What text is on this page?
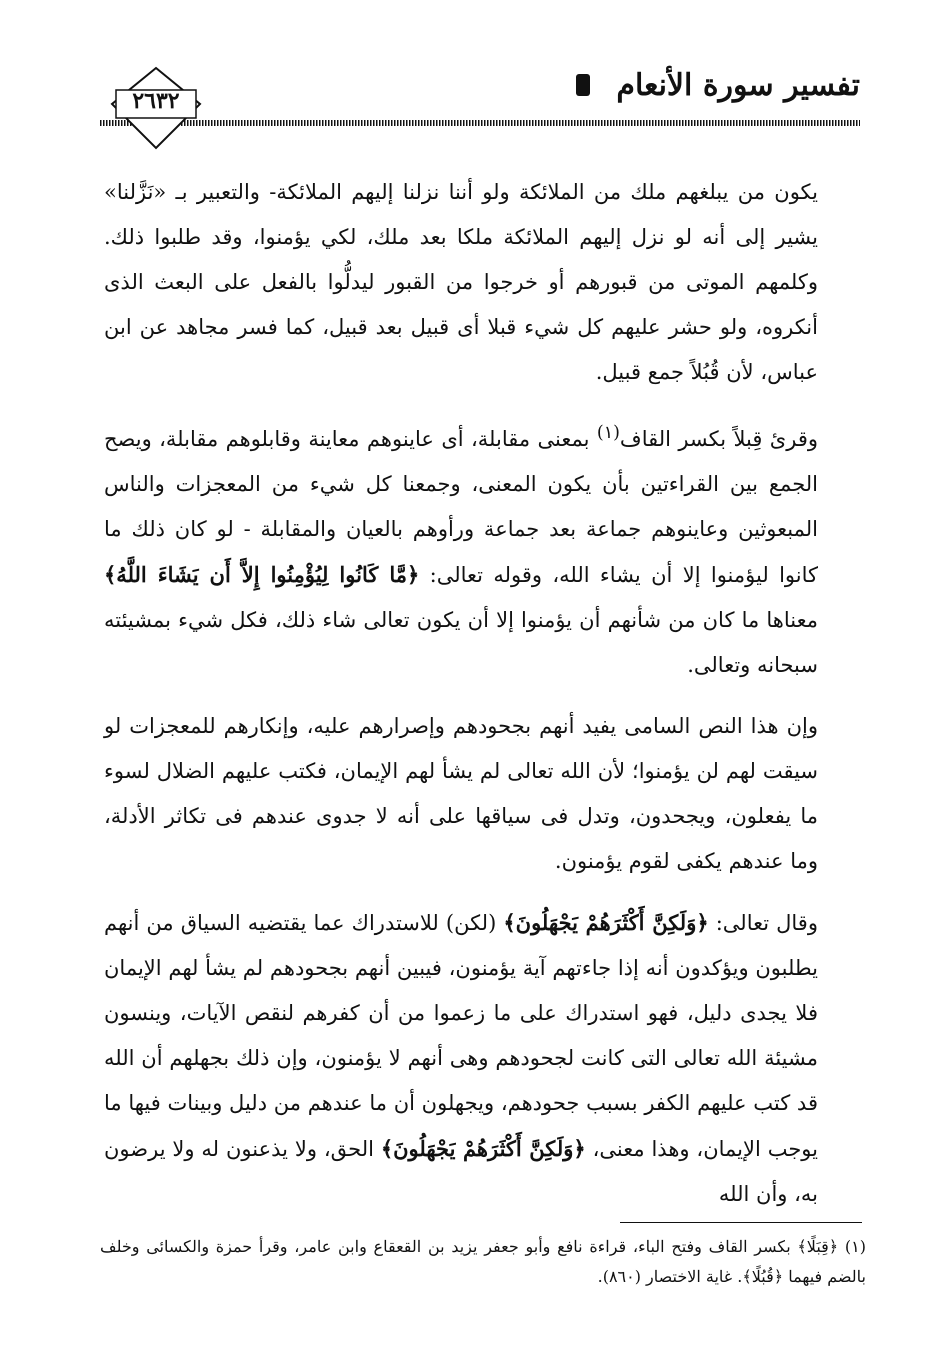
تفسير سورة الأنعام
٢٦٣٢

يكون من يبلغهم ملك من الملائكة ولو أننا نزلنا إليهم الملائكة- والتعبير بـ «نَزَّلنا» يشير إلى أنه لو نزل إليهم الملائكة ملكا بعد ملك، لكي يؤمنوا، وقد طلبوا ذلك. وكلمهم الموتى من قبورهم أو خرجوا من القبور ليدلُّوا بالفعل على البعث الذى أنكروه، ولو حشر عليهم كل شيء قبلا أى قبيل بعد قبيل، كما فسر مجاهد عن ابن عباس، لأن قُبُلاً جمع قبيل.

وقرئ قِبلاً بكسر القاف$^{(١)}$ بمعنى مقابلة، أى عاينوهم معاينة وقابلوهم مقابلة، ويصح الجمع بين القراءتين بأن يكون المعنى، وجمعنا كل شيء من المعجزات والناس المبعوثين وعاينوهم جماعة بعد جماعة ورأوهم بالعيان والمقابلة - لو كان ذلك ما كانوا ليؤمنوا إلا أن يشاء الله، وقوله تعالى: ﴿مَّا كَانُوا لِيُؤْمِنُوا إِلاَّ أَن يَشَاءَ اللَّهُ﴾ معناها ما كان من شأنهم أن يؤمنوا إلا أن يكون تعالى شاء ذلك، فكل شيء بمشيئته سبحانه وتعالى.

وإن هذا النص السامى يفيد أنهم بجحودهم وإصرارهم عليه، وإنكارهم للمعجزات لو سيقت لهم لن يؤمنوا؛ لأن الله تعالى لم يشأ لهم الإيمان، فكتب عليهم الضلال لسوء ما يفعلون، ويجحدون، وتدل فى سياقها على أنه لا جدوى عندهم فى تكاثر الأدلة، وما عندهم يكفى لقوم يؤمنون.

وقال تعالى: ﴿وَلَكِنَّ أَكْثَرَهُمْ يَجْهَلُونَ﴾ (لكن) للاستدراك عما يقتضيه السياق من أنهم يطلبون ويؤكدون أنه إذا جاءتهم آية يؤمنون، فيبين أنهم بجحودهم لم يشأ لهم الإيمان فلا يجدى دليل، فهو استدراك على ما زعموا من أن كفرهم لنقص الآيات، وينسون مشيئة الله تعالى التى كانت لجحودهم وهى أنهم لا يؤمنون، وإن ذلك بجهلهم أن الله قد كتب عليهم الكفر بسبب جحودهم، ويجهلون أن ما عندهم من دليل وبينات فيها ما يوجب الإيمان، وهذا معنى، ﴿وَلَكِنَّ أَكْثَرَهُمْ يَجْهَلُونَ﴾ الحق، ولا يذعنون له ولا يرضون به، وأن الله

(١) ﴿قِبَلًا﴾ بكسر القاف وفتح الباء، قراءة نافع وأبو جعفر يزيد بن القعقاع وابن عامر، وقرأ حمزة والكسائى وخلف بالضم فيهما ﴿قُبُلًا﴾. غاية الاختصار (٨٦٠).
